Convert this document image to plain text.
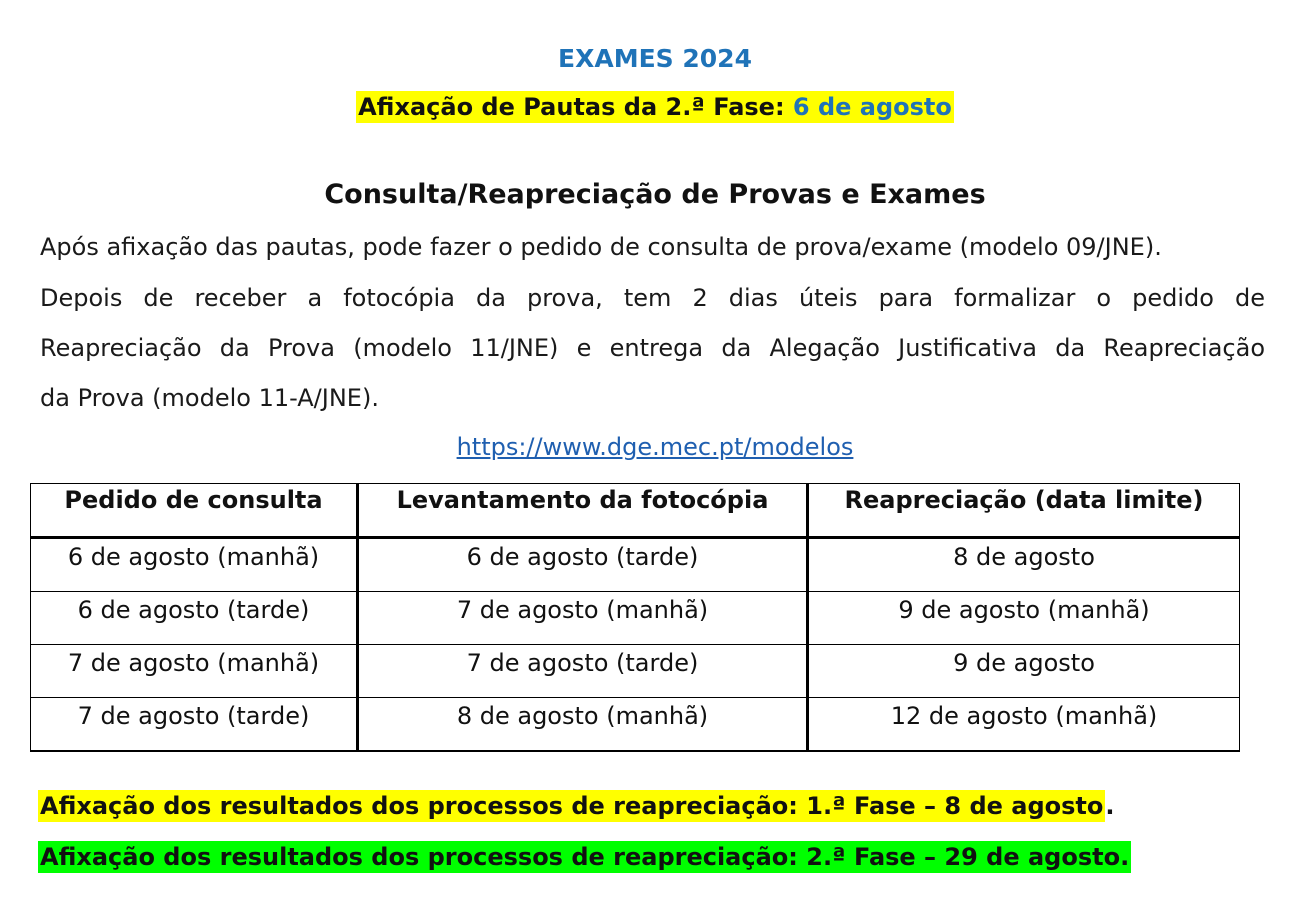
EXAMES 2024
Afixação de Pautas da 2.ª Fase: 6 de agosto
Consulta/Reapreciação de Provas e Exames
Após afixação das pautas, pode fazer o pedido de consulta de prova/exame (modelo 09/JNE).
Depois de receber a fotocópia da prova, tem 2 dias úteis para formalizar o pedido de
Reapreciação da Prova (modelo 11/JNE) e entrega da Alegação Justificativa da Reapreciação
da Prova (modelo 11-A/JNE).
https://www.dge.mec.pt/modelos
Pedido de consulta	Levantamento da fotocópia	Reapreciação (data limite)
6 de agosto (manhã)	6 de agosto (tarde)	8 de agosto
6 de agosto (tarde)	7 de agosto (manhã)	9 de agosto (manhã)
7 de agosto (manhã)	7 de agosto (tarde)	9 de agosto
7 de agosto (tarde)	8 de agosto (manhã)	12 de agosto (manhã)
Afixação dos resultados dos processos de reapreciação: 1.ª Fase – 8 de agosto.
Afixação dos resultados dos processos de reapreciação: 2.ª Fase – 29 de agosto.
